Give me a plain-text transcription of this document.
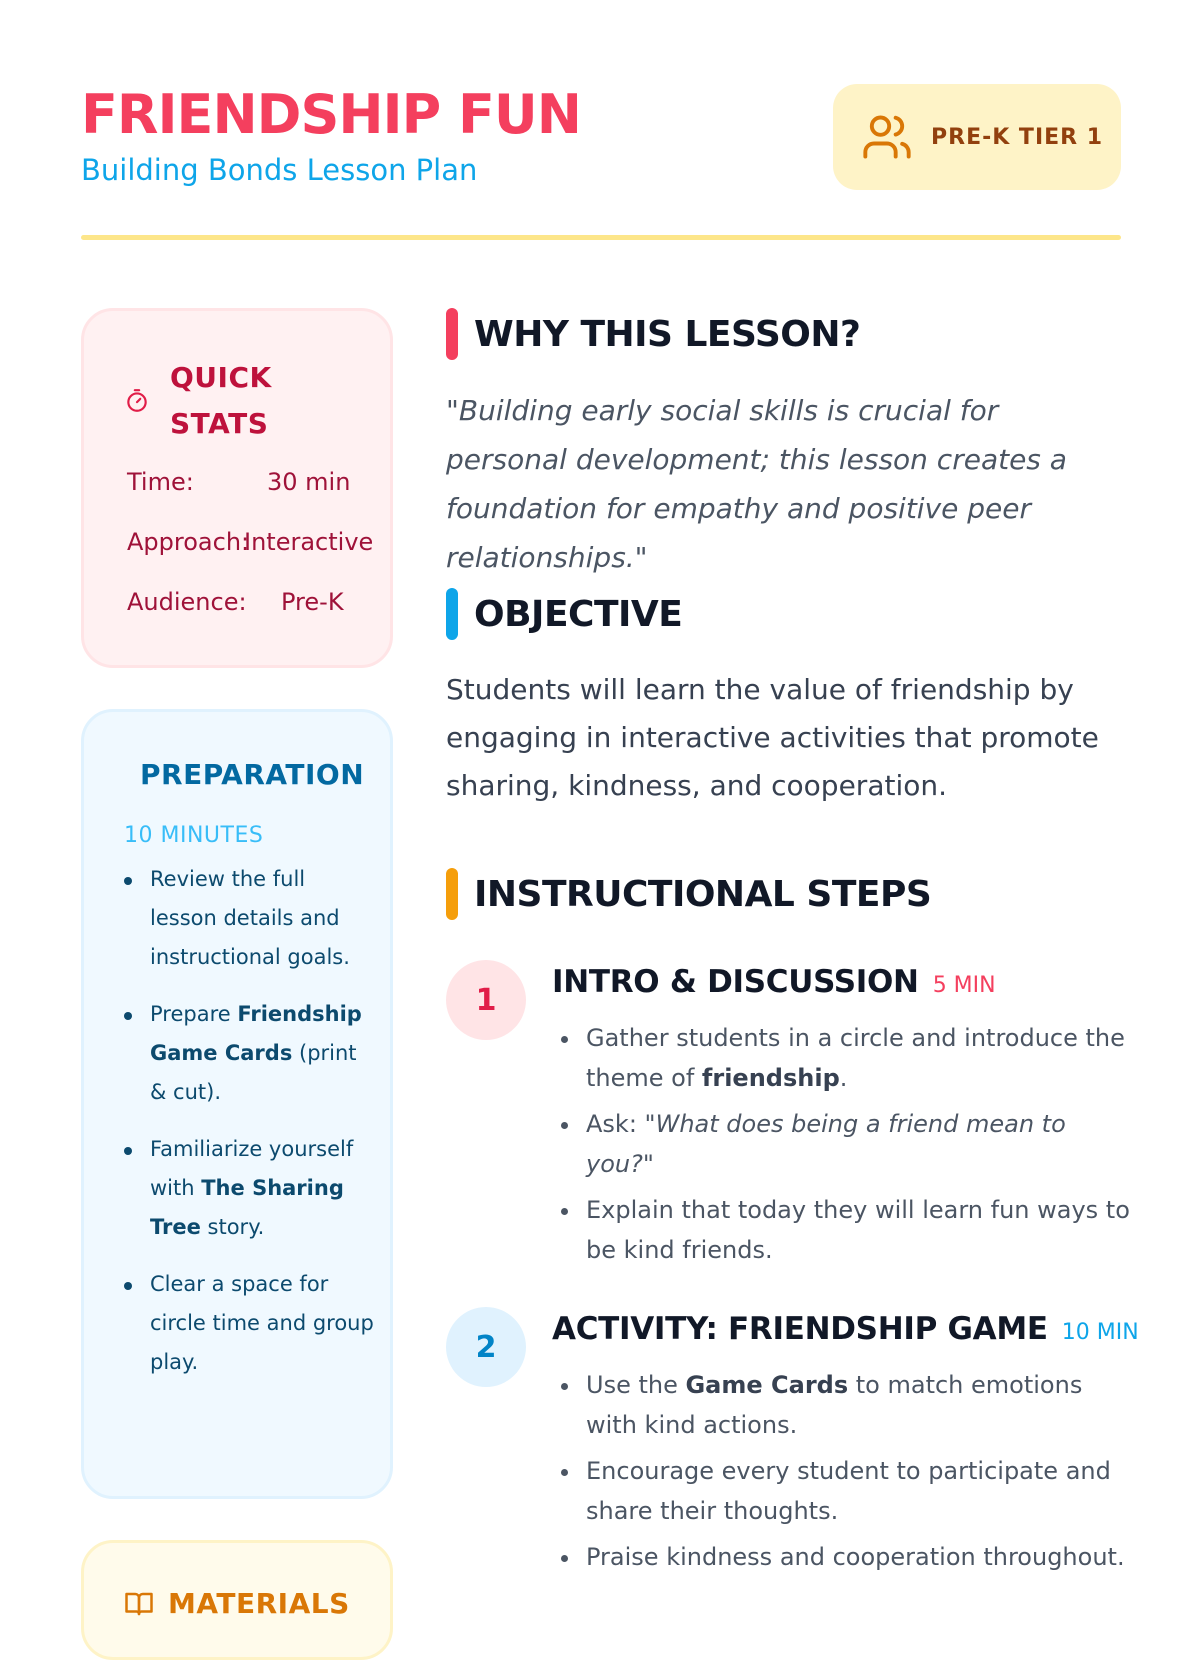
FRIENDSHIP FUN
Building Bonds Lesson Plan
PRE-K TIER 1
QUICK STATS
Time:	30 min
Approach:
Interactive
Audience: Pre-K
PREPARATION
10 MINUTES
Review the full lesson details and instructional goals.
Prepare Friendship Game Cards (print & cut).
Familiarize yourself with The Sharing Tree story.
Clear a space for circle time and group play.
MATERIALS
WHY THIS LESSON?
"Building early social skills is crucial for personal development; this lesson creates a foundation for empathy and positive peer relationships."
OBJECTIVE
Students will learn the value of friendship by engaging in interactive activities that promote sharing, kindness, and cooperation.
INSTRUCTIONAL STEPS
1	INTRO & DISCUSSION 5 MIN
Gather students in a circle and introduce the theme of friendship.
Ask: "What does being a friend mean to you?"
Explain that today they will learn fun ways to be kind friends.
2	ACTIVITY: FRIENDSHIP GAME 10 MIN
Use the Game Cards to match emotions with kind actions.
Encourage every student to participate and share their thoughts.
Praise kindness and cooperation throughout.
